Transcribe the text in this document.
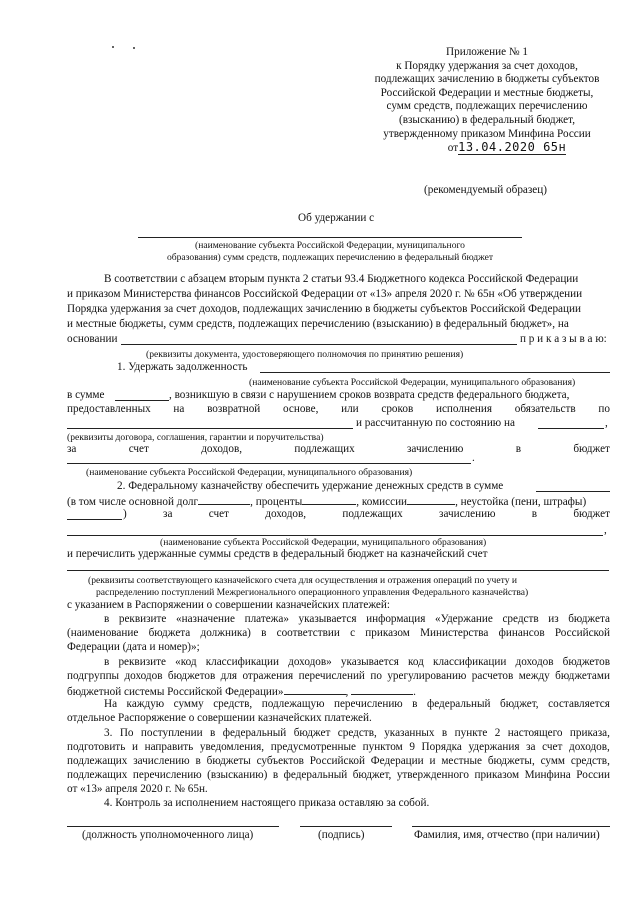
Приложение № 1
к Порядку удержания за счет доходов,
подлежащих зачислению в бюджеты субъектов
Российской Федерации и местные бюджеты,
сумм средств, подлежащих перечислению
(взысканию) в федеральный бюджет,
утвержденному приказом Минфина России
от13.04.2020 65н
(рекомендуемый образец)
Об удержании с
(наименование субъекта Российской Федерации, муниципального
образования) сумм средств, подлежащих перечислению в федеральный бюджет
В соответствии с абзацем вторым пункта 2 статьи 93.4 Бюджетного кодекса Российской Федерации
и приказом Министерства финансов Российской Федерации от «13» апреля 2020 г. № 65н «Об утверждении
Порядка удержания за счет доходов, подлежащих зачислению в бюджеты субъектов Российской Федерации
и местные бюджеты, сумм средств, подлежащих перечислению (взысканию) в федеральный бюджет», на
основании	п р и к а з ы в а ю:
(реквизиты документа, удостоверяющего полномочия по принятию решения)
1. Удержать задолженность
(наименование субъекта Российской Федерации, муниципального образования)
в сумме	, возникшую в связи с нарушением сроков возврата средств федерального бюджета,
предоставленных на возвратной основе, или сроков исполнения обязательств по
и рассчитанную по состоянию на	,
(реквизиты договора, соглашения, гарантии и поручительства)
за	счет	доходов,	подлежащих	зачислению	в	бюджет
.
(наименование субъекта Российской Федерации, муниципального образования)
2. Федеральному казначейству обеспечить удержание денежных средств в сумме
(в том числе основной долг	, проценты	, комиссии	, неустойка (пени, штрафы)
)	за	счет	доходов,	подлежащих	зачислению	в	бюджет
,
(наименование субъекта Российской Федерации, муниципального образования)
и перечислить удержанные суммы средств в федеральный бюджет на казначейский счет
(реквизиты соответствующего казначейского счета для осуществления и отражения операций по учету и
распределению поступлений Межрегионального операционного управления Федерального казначейства)
с указанием в Распоряжении о совершении казначейских платежей:
в реквизите «назначение платежа» указывается информация «Удержание средств из бюджета
(наименование бюджета должника) в соответствии с приказом Министерства финансов Российской
Федерации (дата и номер)»;
в реквизите «код классификации доходов» указывается код классификации доходов бюджетов
подгруппы доходов бюджетов для отражения перечислений по урегулированию расчетов между бюджетами
бюджетной системы Российской Федерации»	,	.
На каждую сумму средств, подлежащую перечислению в федеральный бюджет, составляется
отдельное Распоряжение о совершении казначейских платежей.
3. По поступлении в федеральный бюджет средств, указанных в пункте 2 настоящего приказа,
подготовить и направить уведомления, предусмотренные пунктом 9 Порядка удержания за счет доходов,
подлежащих зачислению в бюджеты субъектов Российской Федерации и местные бюджеты, сумм средств,
подлежащих перечислению (взысканию) в федеральный бюджет, утвержденного приказом Минфина России
от «13» апреля 2020 г. № 65н.
4. Контроль за исполнением настоящего приказа оставляю за собой.
(должность уполномоченного лица)	(подпись)	Фамилия, имя, отчество (при наличии)
